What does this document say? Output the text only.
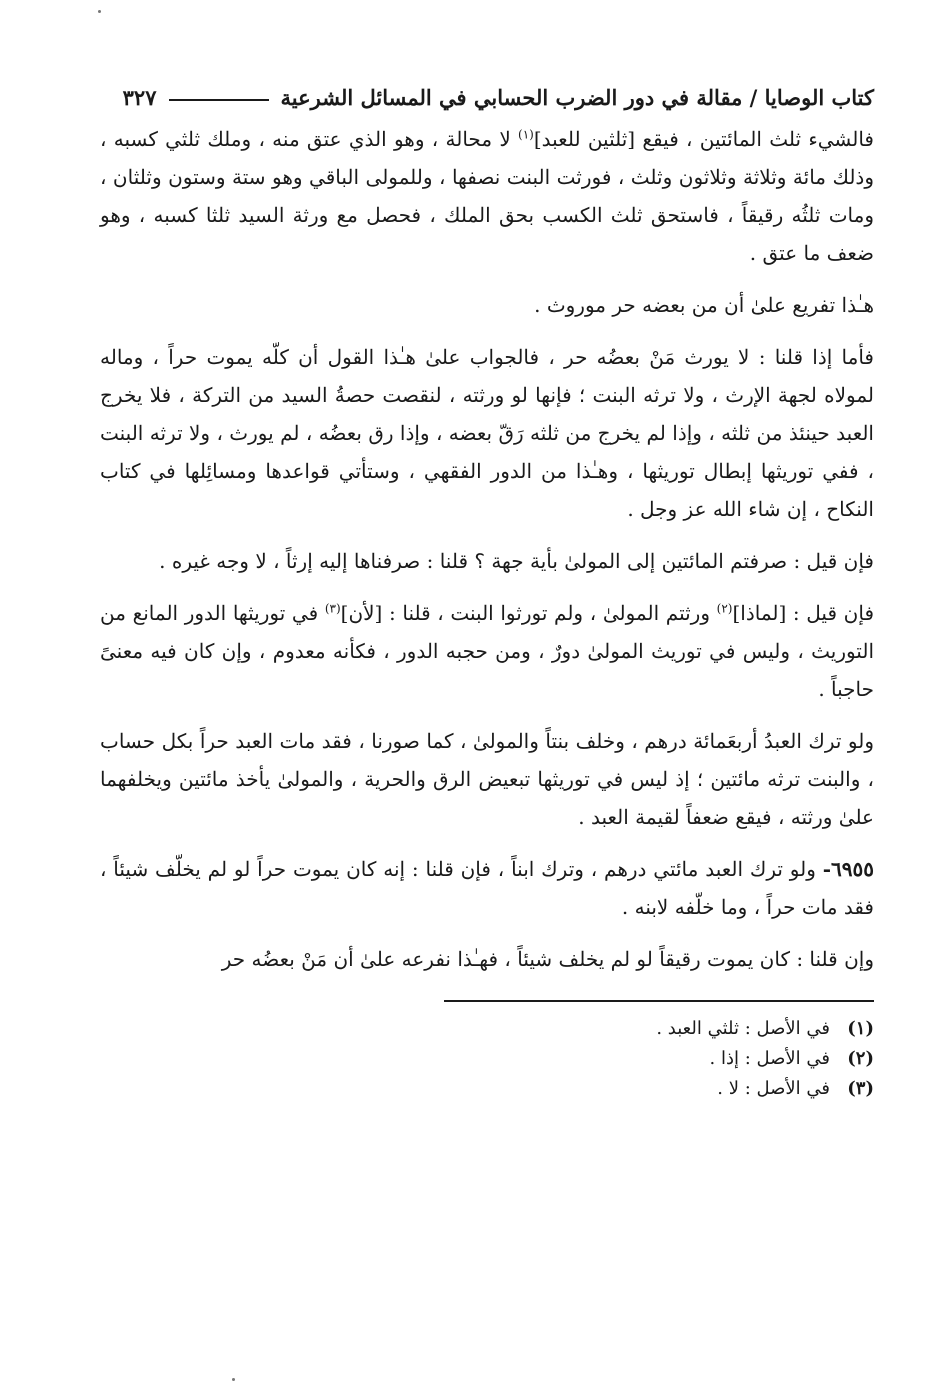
كتاب الوصايا / مقالة في دور الضرب الحسابي في المسائل الشرعية
٣٢٧

فالشيء ثلث المائتين ، فيقع [ثلثين للعبد]$^{(١)}$ لا محالة ، وهو الذي عتق منه ، وملك ثلثي كسبه ، وذلك مائة وثلاثة وثلاثون وثلث ، فورثت البنت نصفها ، وللمولى الباقي وهو ستة وستون وثلثان ، ومات ثلثُه رقيقاً ، فاستحق ثلث الكسب بحق الملك ، فحصل مع ورثة السيد ثلثا كسبه ، وهو ضعف ما عتق .

هـٰذا تفريع علىٰ أن من بعضه حر موروث .

فأما إذا قلنا : لا يورث مَنْ بعضُه حر ، فالجواب علىٰ هـٰذا القول أن كلّه يموت حراً ، وماله لمولاه لجهة الإرث ، ولا ترثه البنت ؛ فإنها لو ورثته ، لنقصت حصةُ السيد من التركة ، فلا يخرج العبد حينئذ من ثلثه ، وإذا لم يخرج من ثلثه رَقّ بعضه ، وإذا رق بعضُه ، لم يورث ، ولا ترثه البنت ، ففي توريثها إبطال توريثها ، وهـٰذا من الدور الفقهي ، وستأتي قواعدها ومسائِلها في كتاب النكاح ، إن شاء الله عز وجل .

فإن قيل : صرفتم المائتين إلى المولىٰ بأية جهة ؟ قلنا : صرفناها إليه إرثاً ، لا وجه غيره .

فإن قيل : [لماذا]$^{(٢)}$ ورثتم المولىٰ ، ولم تورثوا البنت ، قلنا : [لأن]$^{(٣)}$ في توريثها الدور المانع من التوريث ، وليس في توريث المولىٰ دورٌ ، ومن حجبه الدور ، فكأنه معدوم ، وإن كان فيه معنىً حاجباً .

ولو ترك العبدُ أربعَمائة درهم ، وخلف بنتاً والمولىٰ ، كما صورنا ، فقد مات العبد حراً بكل حساب ، والبنت ترثه مائتين ؛ إذ ليس في توريثها تبعيض الرق والحرية ، والمولىٰ يأخذ مائتين ويخلفهما علىٰ ورثته ، فيقع ضعفاً لقيمة العبد .

٦٩٥٥- ولو ترك العبد مائتي درهم ، وترك ابناً ، فإن قلنا : إنه كان يموت حراً لو لم يخلّف شيئاً ، فقد مات حراً ، وما خلّفه لابنه .

وإن قلنا : كان يموت رقيقاً لو لم يخلف شيئاً ، فهـٰذا نفرعه علىٰ أن مَنْ بعضُه حر

(١)في الأصل : ثلثي العبد .

(٢)في الأصل : إذا .

(٣)في الأصل : لا .
